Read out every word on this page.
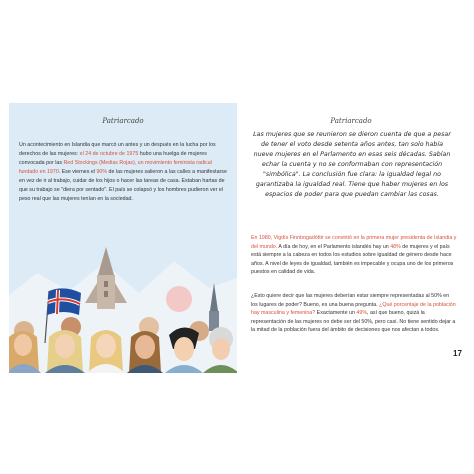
Patriarcado
Un acontecimiento en Islandia que marcó un antes y un después en la lucha por los derechos de las mujeres: el 24 de octubre de 1975 hubo una huelga de mujeres convocada por las Red Stockings (Medias Rojas), un movimiento feminista radical fundado en 1970. Ese viernes el 90% de las mujeres salieron a las calles a manifestarse en vez de ir al trabajo, cuidar de los hijos o hacer las tareas de casa. Estaban hartas de que su trabajo se "diera por sentado". El país se colapsó y los hombres pudieron ver el peso real que las mujeres tenían en la sociedad.
Patriarcado
Las mujeres que se reunieron se dieron cuenta de que a pesar de tener el voto desde setenta años antes, tan solo había nueve mujeres en el Parlamento en esas seis décadas. Sabían echar la cuenta y no se conformaban con representación "simbólica". La conclusión fue clara: la igualdad legal no garantizaba la igualdad real. Tiene que haber mujeres en los espacios de poder para que puedan cambiar las cosas.
En 1980, Vigdís Finnbogadóttir se convirtió en la primera mujer presidenta de Islandia y del mundo. A día de hoy, en el Parlamento islandés hay un 48% de mujeres y el país está siempre a la cabeza en todos los estudios sobre igualdad de género desde hace años. A nivel de leyes de igualdad, también es impecable y ocupa uno de los primeros puestos en calidad de vida.
¿Esto quiere decir que las mujeres deberían estar siempre representadas al 50% en los lugares de poder? Bueno, es una buena pregunta. ¿Qué porcentaje de la población hay masculina y femenina? Exactamente un 49%, así que bueno, quizá la representación de las mujeres no debe ser del 50%, pero casi. No tiene sentido dejar a la mitad de la población fuera del ámbito de decisiones que nos afectan a todos.
17
